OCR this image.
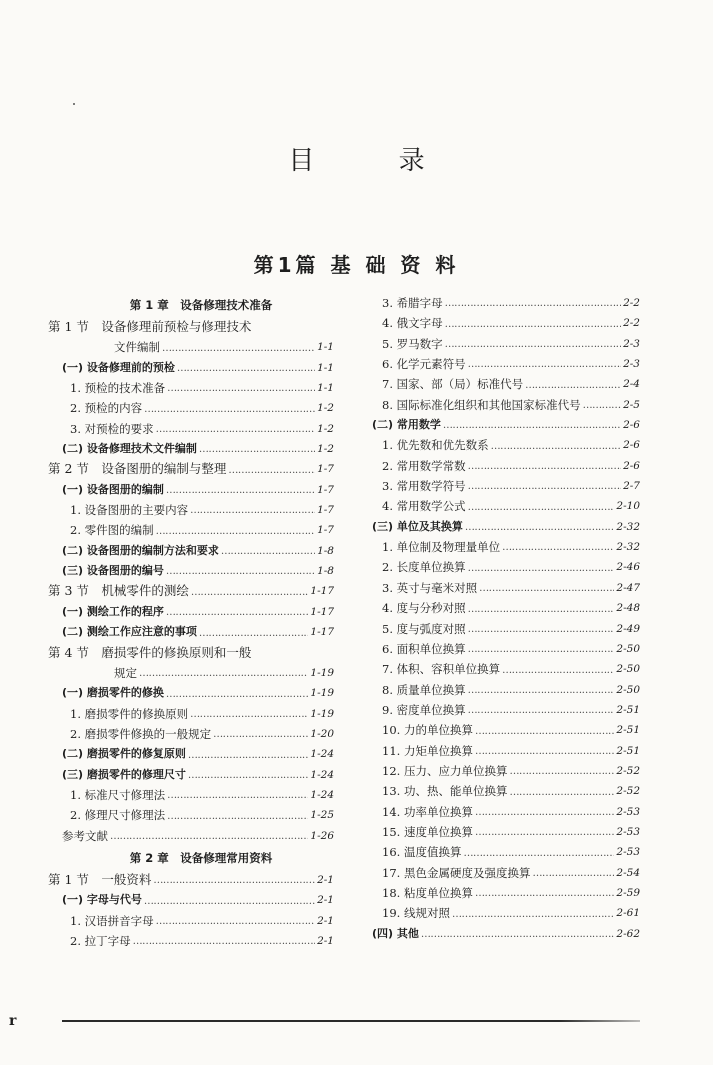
目 录
第1篇 基 础 资 料
第 1 章　设备修理技术准备
第 1 节　设备修理前预检与修理技术
文件编制 ………………………………………………………………………………………………………………………………………………	1-1
(一) 设备修理前的预检 ………………………………………………………………………………………………………………………………………………	1-1
1. 预检的技术准备 ………………………………………………………………………………………………………………………………………………	1-1
2. 预检的内容 ………………………………………………………………………………………………………………………………………………	1-2
3. 对预检的要求 ………………………………………………………………………………………………………………………………………………	1-2
(二) 设备修理技术文件编制 ………………………………………………………………………………………………………………………………………………	1-2
第 2 节　设备图册的编制与整理 ………………………………………………………………………………………………………………………………………………	1-7
(一) 设备图册的编制 ………………………………………………………………………………………………………………………………………………	1-7
1. 设备图册的主要内容 ………………………………………………………………………………………………………………………………………………	1-7
2. 零件图的编制 ………………………………………………………………………………………………………………………………………………	1-7
(二) 设备图册的编制方法和要求 ………………………………………………………………………………………………………………………………………………	1-8
(三) 设备图册的编号 ………………………………………………………………………………………………………………………………………………	1-8
第 3 节　机械零件的测绘 ………………………………………………………………………………………………………………………………………………	1-17
(一) 测绘工作的程序 ………………………………………………………………………………………………………………………………………………	1-17
(二) 测绘工作应注意的事项 ………………………………………………………………………………………………………………………………………………	1-17
第 4 节　磨损零件的修换原则和一般
规定 ………………………………………………………………………………………………………………………………………………	1-19
(一) 磨损零件的修换 ………………………………………………………………………………………………………………………………………………	1-19
1. 磨损零件的修换原则 ………………………………………………………………………………………………………………………………………………	1-19
2. 磨损零件修换的一般规定 ………………………………………………………………………………………………………………………………………………	1-20
(二) 磨损零件的修复原则 ………………………………………………………………………………………………………………………………………………	1-24
(三) 磨损零件的修理尺寸 ………………………………………………………………………………………………………………………………………………	1-24
1. 标准尺寸修理法 ………………………………………………………………………………………………………………………………………………	1-24
2. 修理尺寸修理法 ………………………………………………………………………………………………………………………………………………	1-25
参考文献 ………………………………………………………………………………………………………………………………………………	1-26
第 2 章　设备修理常用资料
第 1 节　一般资料 ………………………………………………………………………………………………………………………………………………	2-1
(一) 字母与代号 ………………………………………………………………………………………………………………………………………………	2-1
1. 汉语拼音字母 ………………………………………………………………………………………………………………………………………………	2-1
2. 拉丁字母 ………………………………………………………………………………………………………………………………………………	2-1
3. 希腊字母 ………………………………………………………………………………………………………………………………………………	2-2
4. 俄文字母 ………………………………………………………………………………………………………………………………………………	2-2
5. 罗马数字 ………………………………………………………………………………………………………………………………………………	2-3
6. 化学元素符号 ………………………………………………………………………………………………………………………………………………	2-3
7. 国家、部（局）标准代号 ………………………………………………………………………………………………………………………………………………	2-4
8. 国际标准化组织和其他国家标准代号 ………………………………………………………………………………………………………………………………………………	2-5
(二) 常用数学 ………………………………………………………………………………………………………………………………………………	2-6
1. 优先数和优先数系 ………………………………………………………………………………………………………………………………………………	2-6
2. 常用数学常数 ………………………………………………………………………………………………………………………………………………	2-6
3. 常用数学符号 ………………………………………………………………………………………………………………………………………………	2-7
4. 常用数学公式 ………………………………………………………………………………………………………………………………………………	2-10
(三) 单位及其换算 ………………………………………………………………………………………………………………………………………………	2-32
1. 单位制及物理量单位 ………………………………………………………………………………………………………………………………………………	2-32
2. 长度单位换算 ………………………………………………………………………………………………………………………………………………	2-46
3. 英寸与毫米对照 ………………………………………………………………………………………………………………………………………………	2-47
4. 度与分秒对照 ………………………………………………………………………………………………………………………………………………	2-48
5. 度与弧度对照 ………………………………………………………………………………………………………………………………………………	2-49
6. 面积单位换算 ………………………………………………………………………………………………………………………………………………	2-50
7. 体积、容积单位换算 ………………………………………………………………………………………………………………………………………………	2-50
8. 质量单位换算 ………………………………………………………………………………………………………………………………………………	2-50
9. 密度单位换算 ………………………………………………………………………………………………………………………………………………	2-51
10. 力的单位换算 ………………………………………………………………………………………………………………………………………………	2-51
11. 力矩单位换算 ………………………………………………………………………………………………………………………………………………	2-51
12. 压力、应力单位换算 ………………………………………………………………………………………………………………………………………………	2-52
13. 功、热、能单位换算 ………………………………………………………………………………………………………………………………………………	2-52
14. 功率单位换算 ………………………………………………………………………………………………………………………………………………	2-53
15. 速度单位换算 ………………………………………………………………………………………………………………………………………………	2-53
16. 温度值换算 ………………………………………………………………………………………………………………………………………………	2-53
17. 黑色金属硬度及强度换算 ………………………………………………………………………………………………………………………………………………	2-54
18. 粘度单位换算 ………………………………………………………………………………………………………………………………………………	2-59
19. 线规对照 ………………………………………………………………………………………………………………………………………………	2-61
(四) 其他 ………………………………………………………………………………………………………………………………………………	2-62
r
